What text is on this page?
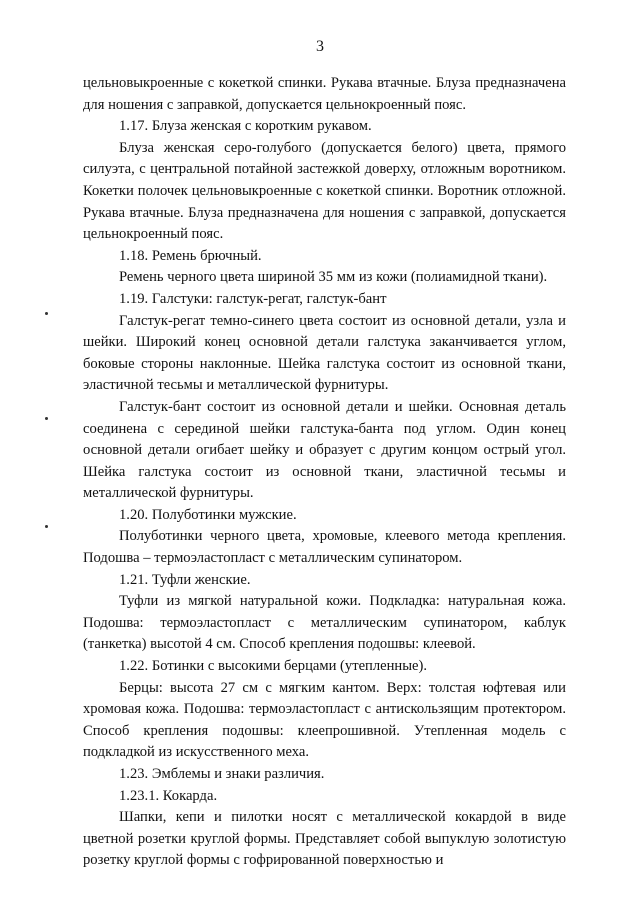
3

цельновыкроенные с кокеткой спинки. Рукава втачные. Блуза предназначена для ношения с заправкой, допускается цельнокроенный пояс.

1.17. Блуза женская с коротким рукавом.

Блуза женская серо-голубого (допускается белого) цвета, прямого силуэта, с центральной потайной застежкой доверху, отложным воротником. Кокетки полочек цельновыкроенные с кокеткой спинки. Воротник отложной. Рукава втачные. Блуза предназначена для ношения с заправкой, допускается цельнокроенный пояс.

1.18. Ремень брючный.

Ремень черного цвета шириной 35 мм из кожи (полиамидной ткани).

1.19. Галстуки: галстук-регат, галстук-бант

Галстук-регат темно-синего цвета состоит из основной детали, узла и шейки. Широкий конец основной детали галстука заканчивается углом, боковые стороны наклонные. Шейка галстука состоит из основной ткани, эластичной тесьмы и металлической фурнитуры.

Галстук-бант состоит из основной детали и шейки. Основная деталь соединена с серединой шейки галстука-банта под углом. Один конец основной детали огибает шейку и образует с другим концом острый угол. Шейка галстука состоит из основной ткани, эластичной тесьмы и металлической фурнитуры.

1.20. Полуботинки мужские.

Полуботинки черного цвета, хромовые, клеевого метода крепления. Подошва – термоэластопласт с металлическим супинатором.

1.21. Туфли женские.

Туфли из мягкой натуральной кожи. Подкладка: натуральная кожа. Подошва: термоэластопласт с металлическим супинатором, каблук (танкетка) высотой 4 см. Способ крепления подошвы: клеевой.

1.22. Ботинки с высокими берцами (утепленные).

Берцы: высота 27 см с мягким кантом. Верх: толстая юфтевая или хромовая кожа. Подошва: термоэластопласт с антискользящим протектором. Способ крепления подошвы: клеепрошивной. Утепленная модель с подкладкой из искусственного меха.

1.23. Эмблемы и знаки различия.

1.23.1. Кокарда.

Шапки, кепи и пилотки носят с металлической кокардой в виде цветной розетки круглой формы. Представляет собой выпуклую золотистую розетку круглой формы с гофрированной поверхностью и
